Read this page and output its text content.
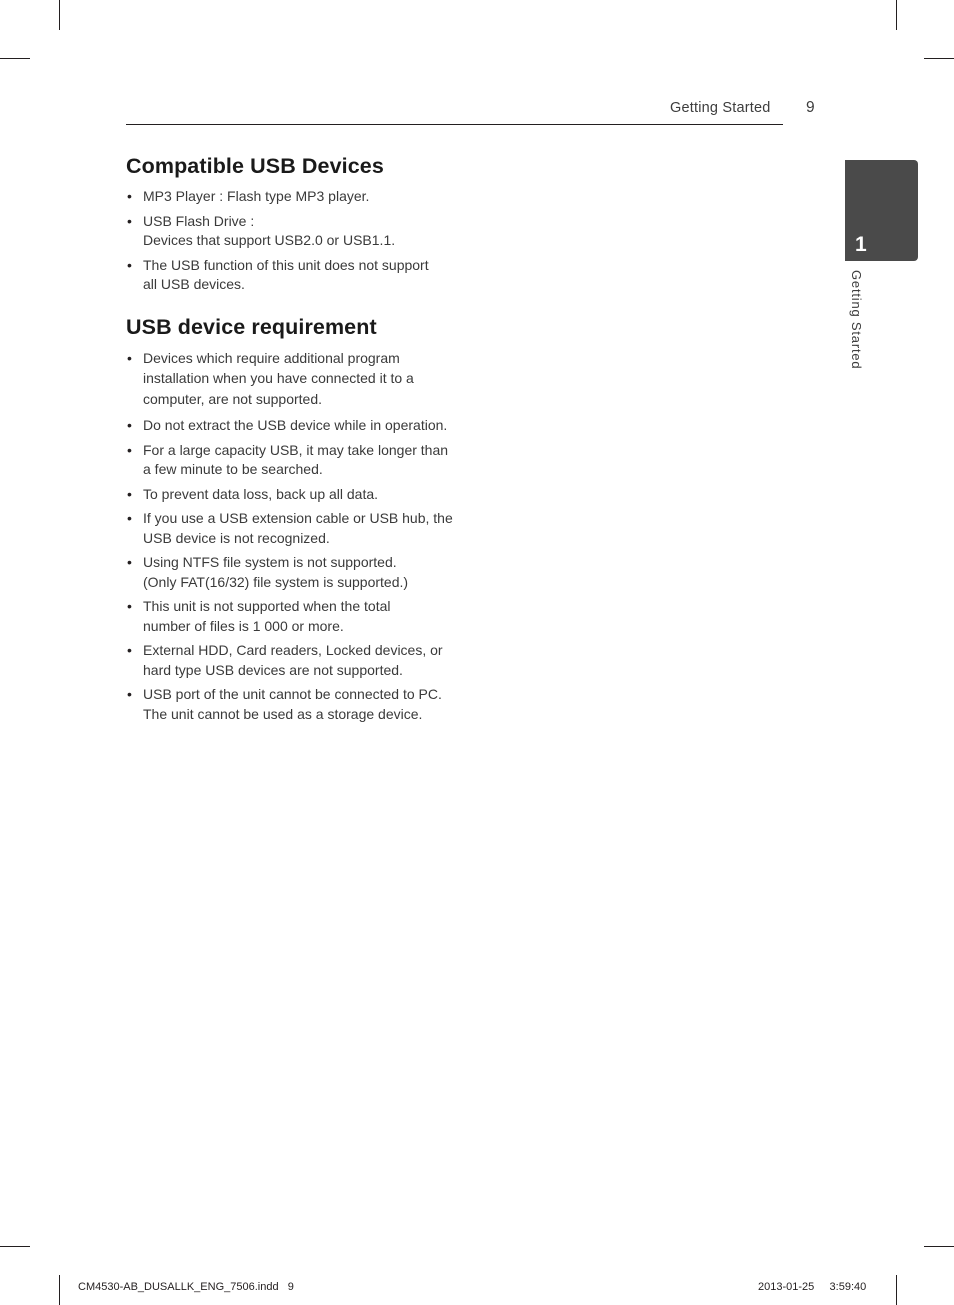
Getting Started 9
1
Getting Started
Compatible USB Devices
• MP3 Player : Flash type MP3 player.
• USB Flash Drive :
Devices that support USB2.0 or USB1.1.
• The USB function of this unit does not support
all USB devices.
USB device requirement
• Devices which require additional program
installation when you have connected it to a
computer, are not supported.
• Do not extract the USB device while in operation.
• For a large capacity USB, it may take longer than
a few minute to be searched.
• To prevent data loss, back up all data.
• If you use a USB extension cable or USB hub, the
USB device is not recognized.
• Using NTFS file system is not supported.
(Only FAT(16/32) file system is supported.)
• This unit is not supported when the total
number of files is 1 000 or more.
• External HDD, Card readers, Locked devices, or
hard type USB devices are not supported.
• USB port of the unit cannot be connected to PC.
The unit cannot be used as a storage device.
CM4530-AB_DUSALLK_ENG_7506.indd   9	2013-01-25     3:59:40
